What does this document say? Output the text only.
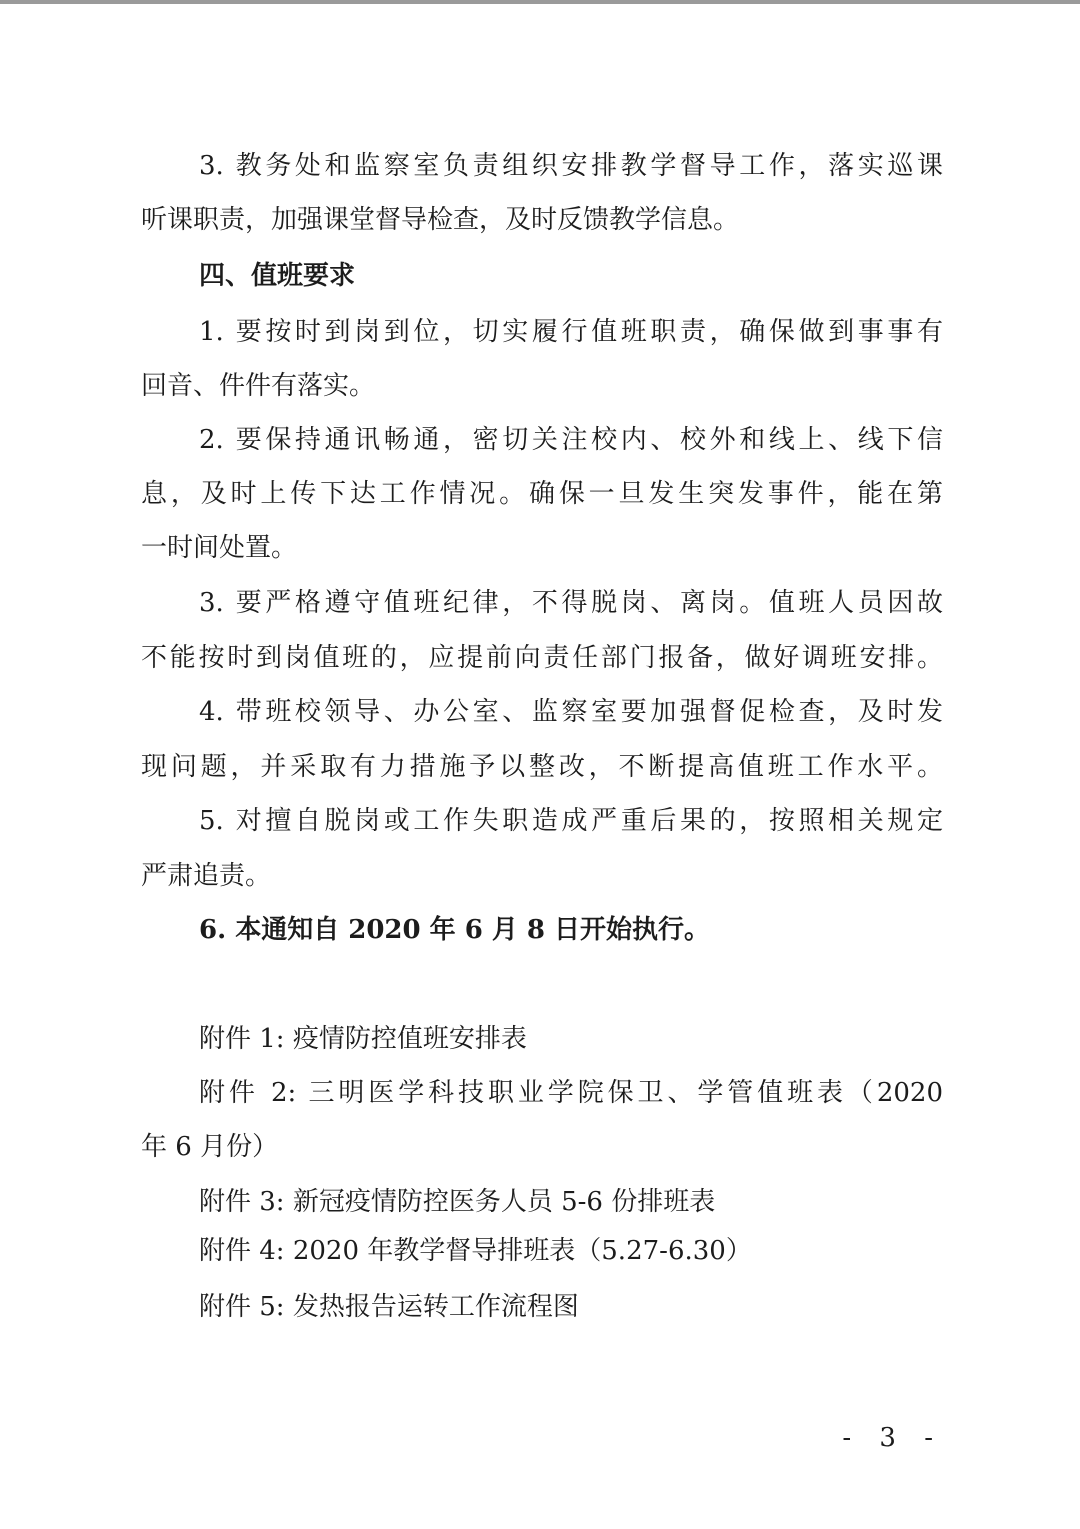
3. 教务处和监察室负责组织安排教学督导工作，落实巡课
听课职责，加强课堂督导检查，及时反馈教学信息。
四、值班要求
1. 要按时到岗到位，切实履行值班职责，确保做到事事有
回音、件件有落实。
2. 要保持通讯畅通，密切关注校内、校外和线上、线下信
息，及时上传下达工作情况。确保一旦发生突发事件，能在第
一时间处置。
3. 要严格遵守值班纪律，不得脱岗、离岗。值班人员因故
不能按时到岗值班的，应提前向责任部门报备，做好调班安排。
4. 带班校领导、办公室、监察室要加强督促检查，及时发
现问题，并采取有力措施予以整改，不断提高值班工作水平。
5. 对擅自脱岗或工作失职造成严重后果的，按照相关规定
严肃追责。
6. 本通知自 2020 年 6 月 8 日开始执行。
附件 1: 疫情防控值班安排表
附件 2: 三明医学科技职业学院保卫、学管值班表（2020
年 6 月份）
附件 3: 新冠疫情防控医务人员 5-6 份排班表
附件 4: 2020 年教学督导排班表（5.27-6.30）
附件 5: 发热报告运转工作流程图
- 3 -
